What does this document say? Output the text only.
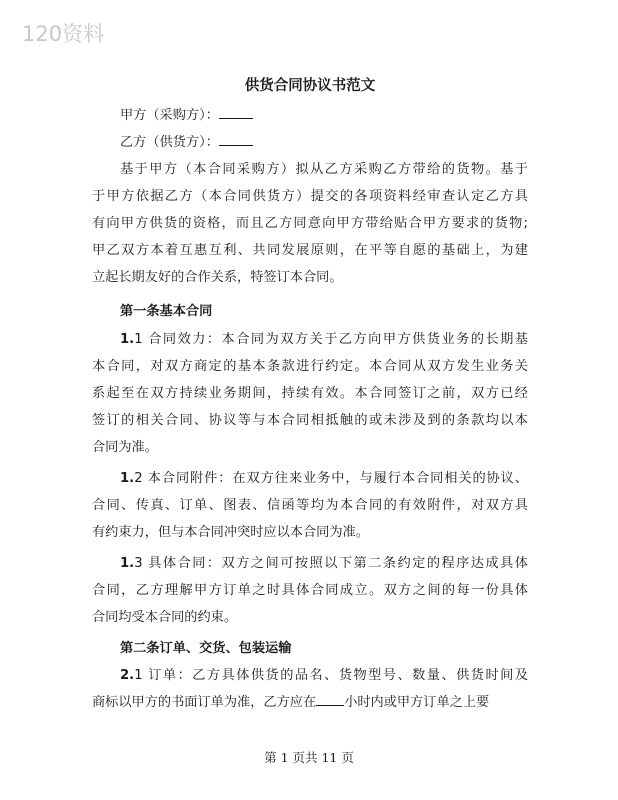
120资料
供货合同协议书范文
甲方（采购方）：
乙方（供货方）：
基于甲方（本合同采购方）拟从乙方采购乙方带给的货物。基于
于甲方依据乙方（本合同供货方）提交的各项资料经审查认定乙方具
有向甲方供货的资格，而且乙方同意向甲方带给贴合甲方要求的货物;
甲乙双方本着互惠互利、共同发展原则，在平等自愿的基础上，为建
立起长期友好的合作关系，特签订本合同。
第一条基本合同
1.1 合同效力：本合同为双方关于乙方向甲方供货业务的长期基
本合同，对双方商定的基本条款进行约定。本合同从双方发生业务关
系起至在双方持续业务期间，持续有效。本合同签订之前，双方已经
签订的相关合同、协议等与本合同相抵触的或未涉及到的条款均以本
合同为准。
1.2 本合同附件：在双方往来业务中，与履行本合同相关的协议、
合同、传真、订单、图表、信函等均为本合同的有效附件，对双方具
有约束力，但与本合同冲突时应以本合同为准。
1.3 具体合同：双方之间可按照以下第二条约定的程序达成具体
合同，乙方理解甲方订单之时具体合同成立。双方之间的每一份具体
合同均受本合同的约束。
第二条订单、交货、包装运输
2.1 订单：乙方具体供货的品名、货物型号、数量、供货时间及
商标以甲方的书面订单为准，乙方应在 小时内或甲方订单之上要
第 1 页共 11 页
